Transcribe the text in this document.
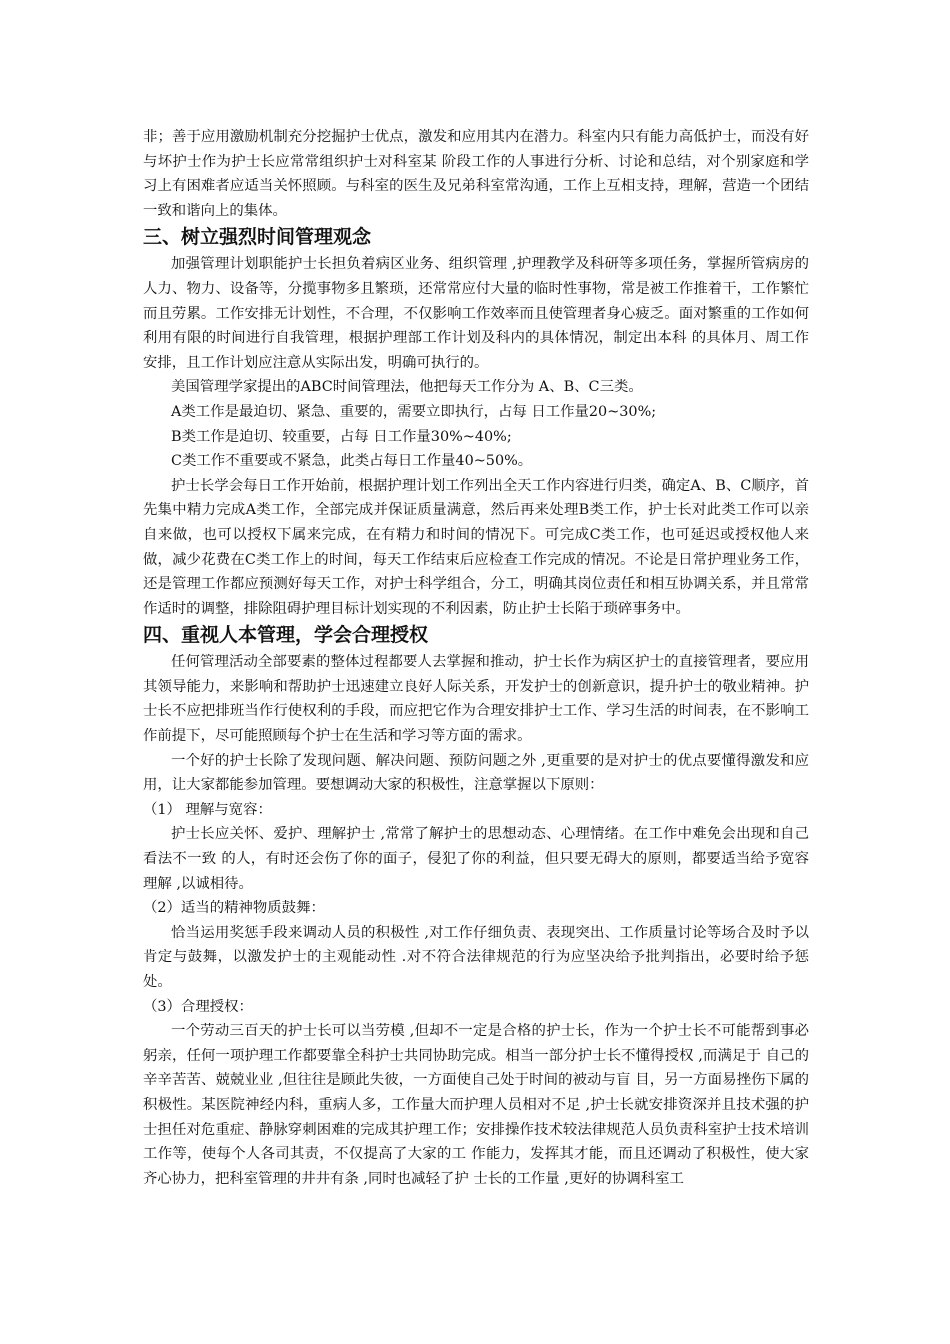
非；善于应用激励机制充分挖掘护士优点，激发和应用其内在潜力。科室内只有能力高低护士，而没有好与坏护士作为护士长应常常组织护士对科室某 阶段工作的人事进行分析、讨论和总结，对个别家庭和学习上有困难者应适当关怀照顾。与科室的医生及兄弟科室常沟通，工作上互相支持，理解，营造一个团结一致和谐向上的集体。

三、树立强烈时间管理观念

加强管理计划职能护士长担负着病区业务、组织管理 ,护理教学及科研等多项任务，掌握所管病房的人力、物力、设备等，分揽事物多且繁琐，还常常应付大量的临时性事物，常是被工作推着干，工作繁忙而且劳累。工作安排无计划性，不合理，不仅影响工作效率而且使管理者身心疲乏。面对繁重的工作如何利用有限的时间进行自我管理，根据护理部工作计划及科内的具体情况，制定出本科 的具体月、周工作安排，且工作计划应注意从实际出发，明确可执行的。

美国管理学家提出的ABC时间管理法，他把每天工作分为 A、B、C三类。

A类工作是最迫切、紧急、重要的，需要立即执行，占每 日工作量20~30%;

B类工作是迫切、较重要，占每 日工作量30%~40%;

C类工作不重要或不紧急，此类占每日工作量40~50%。

护士长学会每日工作开始前，根据护理计划工作列出全天工作内容进行归类，确定A、B、C顺序，首先集中精力完成A类工作，全部完成并保证质量满意，然后再来处理B类工作，护士长对此类工作可以亲自来做，也可以授权下属来完成，在有精力和时间的情况下。可完成C类工作，也可延迟或授权他人来做，减少花费在C类工作上的时间，每天工作结束后应检查工作完成的情况。不论是日常护理业务工作，还是管理工作都应预测好每天工作，对护士科学组合，分工，明确其岗位责任和相互协调关系，并且常常作适时的调整，排除阻碍护理目标计划实现的不利因素，防止护士长陷于琐碎事务中。

四、重视人本管理，学会合理授权

任何管理活动全部要素的整体过程都要人去掌握和推动，护士长作为病区护士的直接管理者，要应用其领导能力，来影响和帮助护士迅速建立良好人际关系，开发护士的创新意识，提升护士的敬业精神。护士长不应把排班当作行使权利的手段，而应把它作为合理安排护士工作、学习生活的时间表，在不影响工作前提下，尽可能照顾每个护士在生活和学习等方面的需求。

一个好的护士长除了发现问题、解决问题、预防问题之外 ,更重要的是对护士的优点要懂得激发和应用，让大家都能参加管理。要想调动大家的积极性，注意掌握以下原则：

（1） 理解与宽容：

护士长应关怀、爱护、理解护士 ,常常了解护士的思想动态、心理情绪。在工作中难免会出现和自己看法不一致 的人，有时还会伤了你的面子，侵犯了你的利益，但只要无碍大的原则，都要适当给予宽容理解 ,以诚相待。

（2）适当的精神物质鼓舞：

恰当运用奖惩手段来调动人员的积极性 ,对工作仔细负责、表现突出、工作质量讨论等场合及时予以肯定与鼓舞，以激发护士的主观能动性 .对不符合法律规范的行为应坚决给予批判指出，必要时给予惩处。

（3）合理授权：

一个劳动三百天的护士长可以当劳模 ,但却不一定是合格的护士长，作为一个护士长不可能帮到事必躬亲，任何一项护理工作都要靠全科护士共同协助完成。相当一部分护士长不懂得授权 ,而满足于 自己的辛辛苦苦、兢兢业业 ,但往往是顾此失彼，一方面使自己处于时间的被动与盲 目，另一方面易挫伤下属的积极性。某医院神经内科，重病人多，工作量大而护理人员相对不足 ,护士长就安排资深并且技术强的护士担任对危重症、静脉穿刺困难的完成其护理工作；安排操作技术较法律规范人员负责科室护士技术培训工作等，使每个人各司其责，不仅提高了大家的工 作能力，发挥其才能，而且还调动了积极性，使大家齐心协力，把科室管理的井井有条 ,同时也减轻了护 士长的工作量 ,更好的协调科室工
